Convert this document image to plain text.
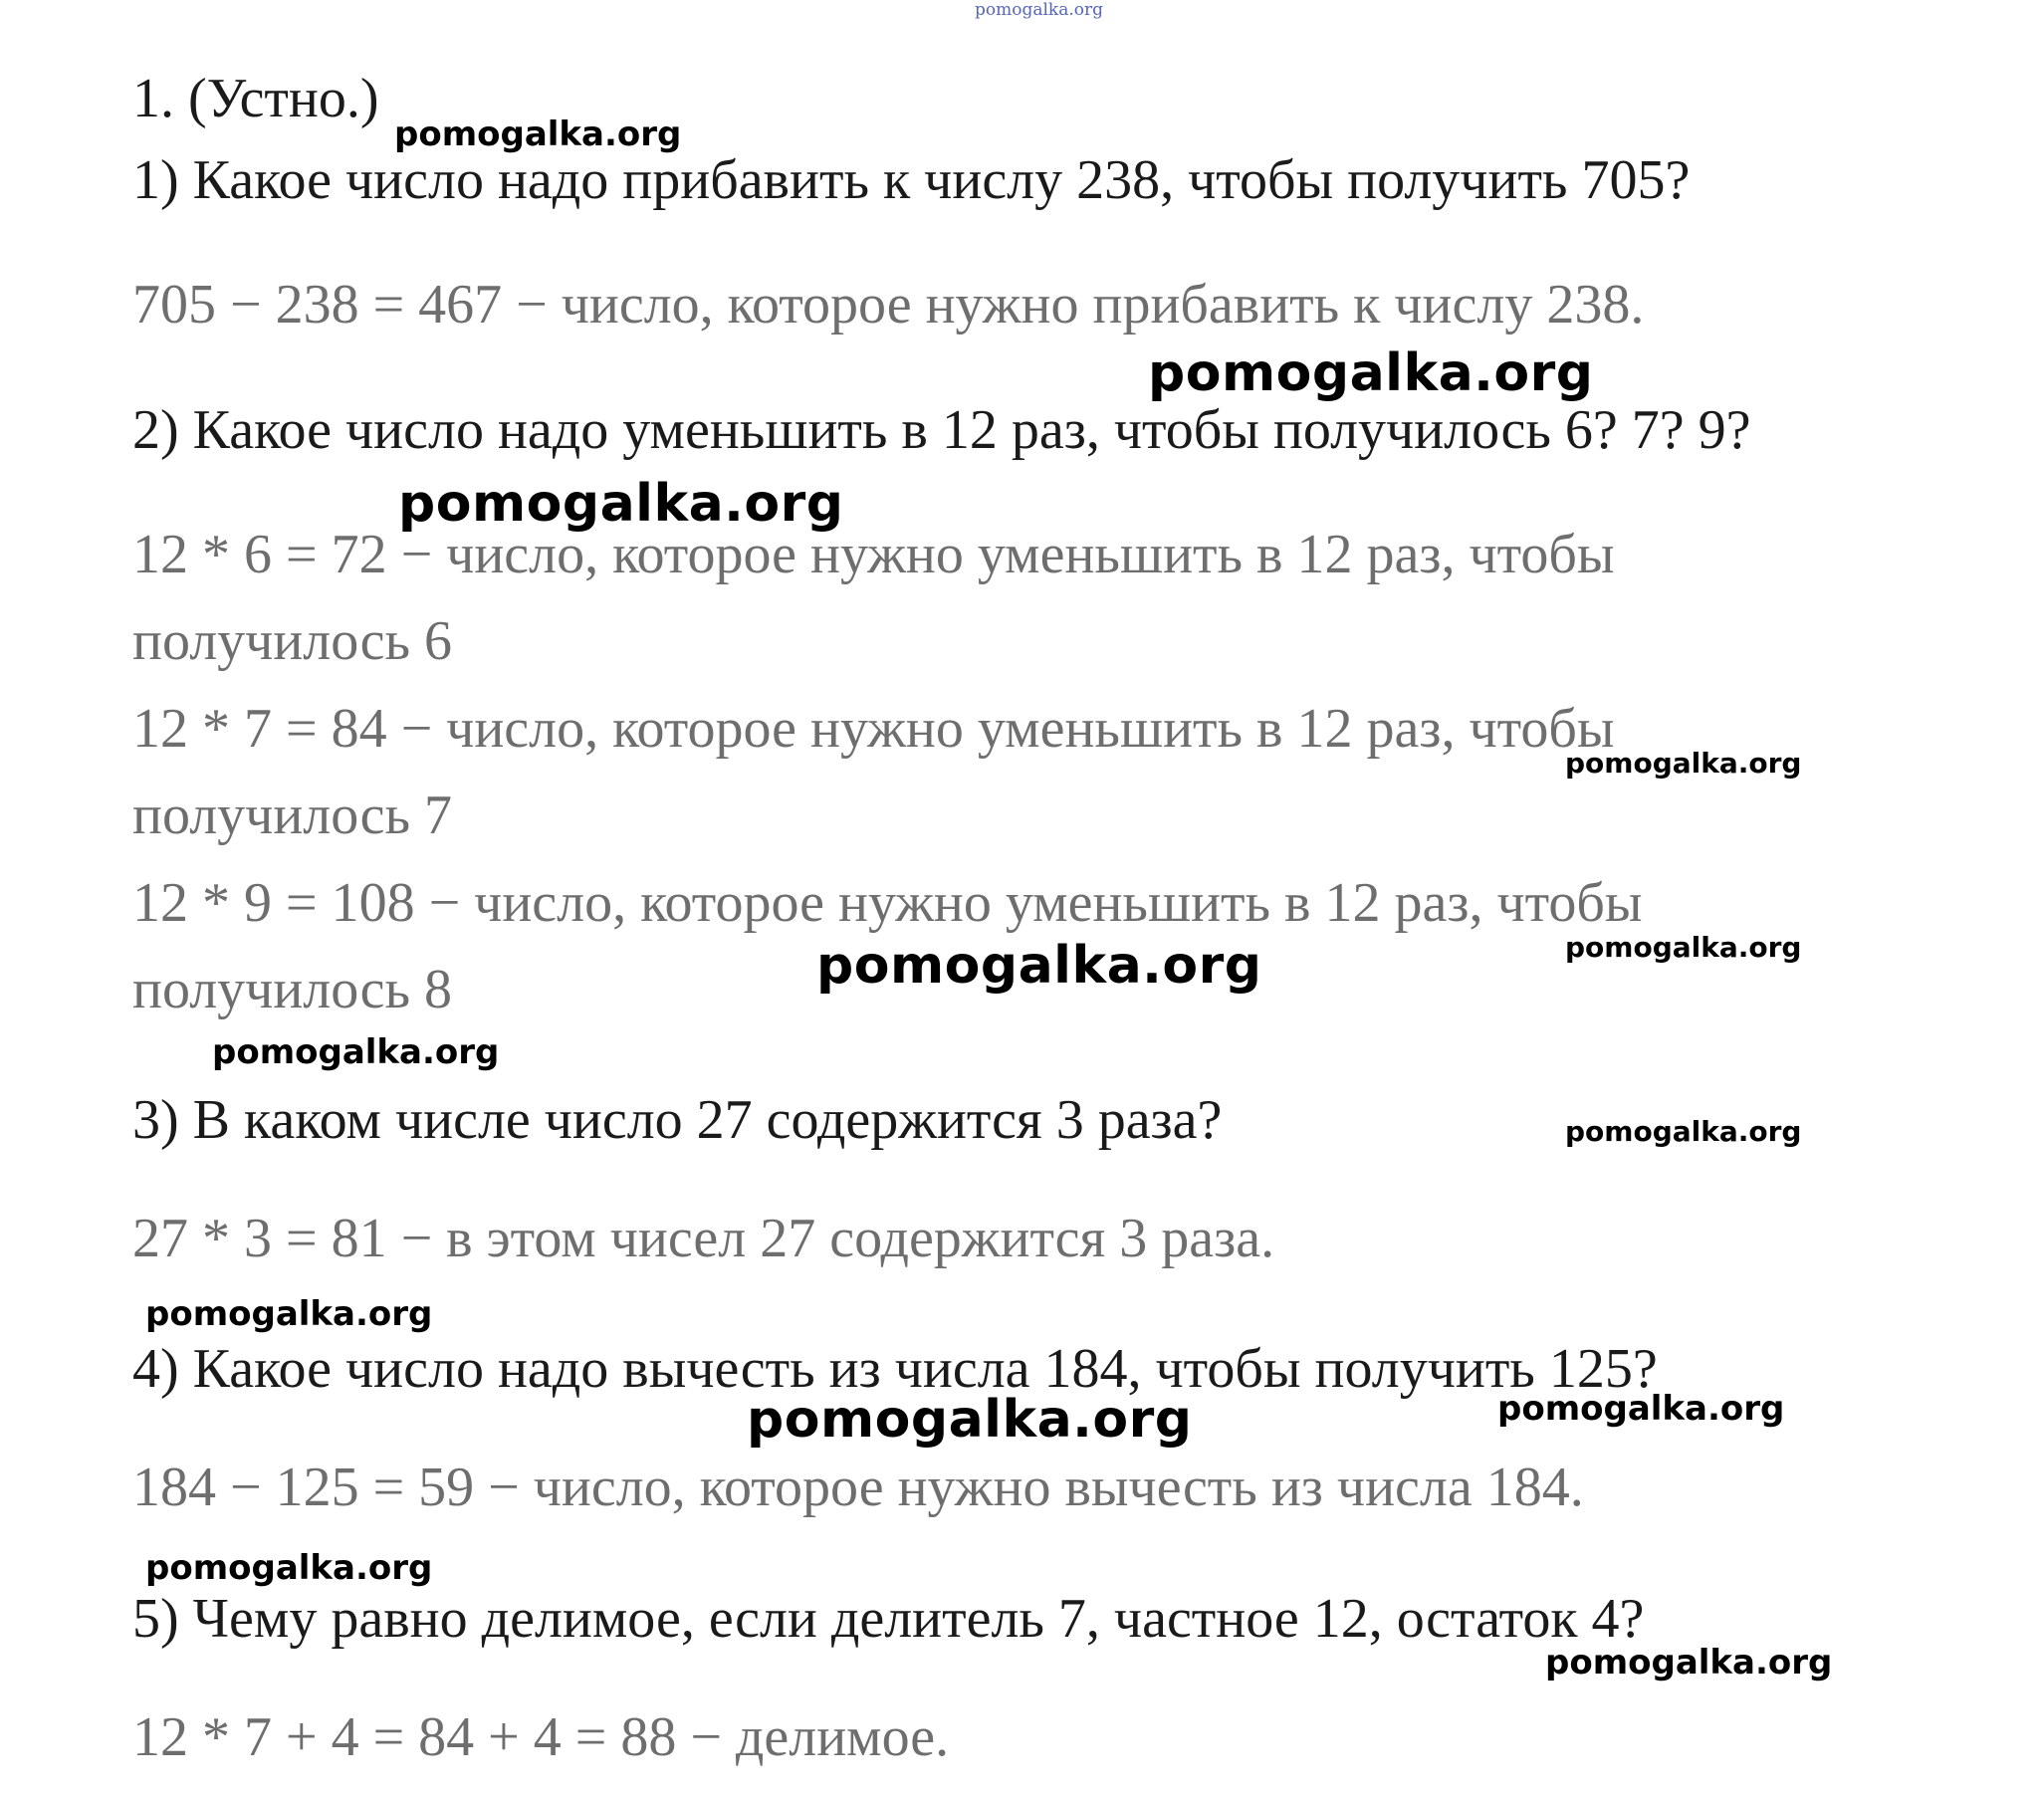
pomogalka.org
1. (Устно.)
1) Какое число надо прибавить к числу 238, чтобы получить 705?
705 − 238 = 467 − число, которое нужно прибавить к числу 238.
2) Какое число надо уменьшить в 12 раз, чтобы получилось 6? 7? 9?
12 * 6 = 72 − число, которое нужно уменьшить в 12 раз, чтобы
получилось 6
12 * 7 = 84 − число, которое нужно уменьшить в 12 раз, чтобы
получилось 7
12 * 9 = 108 − число, которое нужно уменьшить в 12 раз, чтобы
получилось 8
3) В каком числе число 27 содержится 3 раза?
27 * 3 = 81 − в этом чисел 27 содержится 3 раза.
4) Какое число надо вычесть из числа 184, чтобы получить 125?
184 − 125 = 59 − число, которое нужно вычесть из числа 184.
5) Чему равно делимое, если делитель 7, частное 12, остаток 4?
12 * 7 + 4 = 84 + 4 = 88 − делимое.
pomogalka.org
pomogalka.org
pomogalka.org
pomogalka.org
pomogalka.org
pomogalka.org
pomogalka.org
pomogalka.org
pomogalka.org
pomogalka.org	pomogalka.org
pomogalka.org
pomogalka.org
